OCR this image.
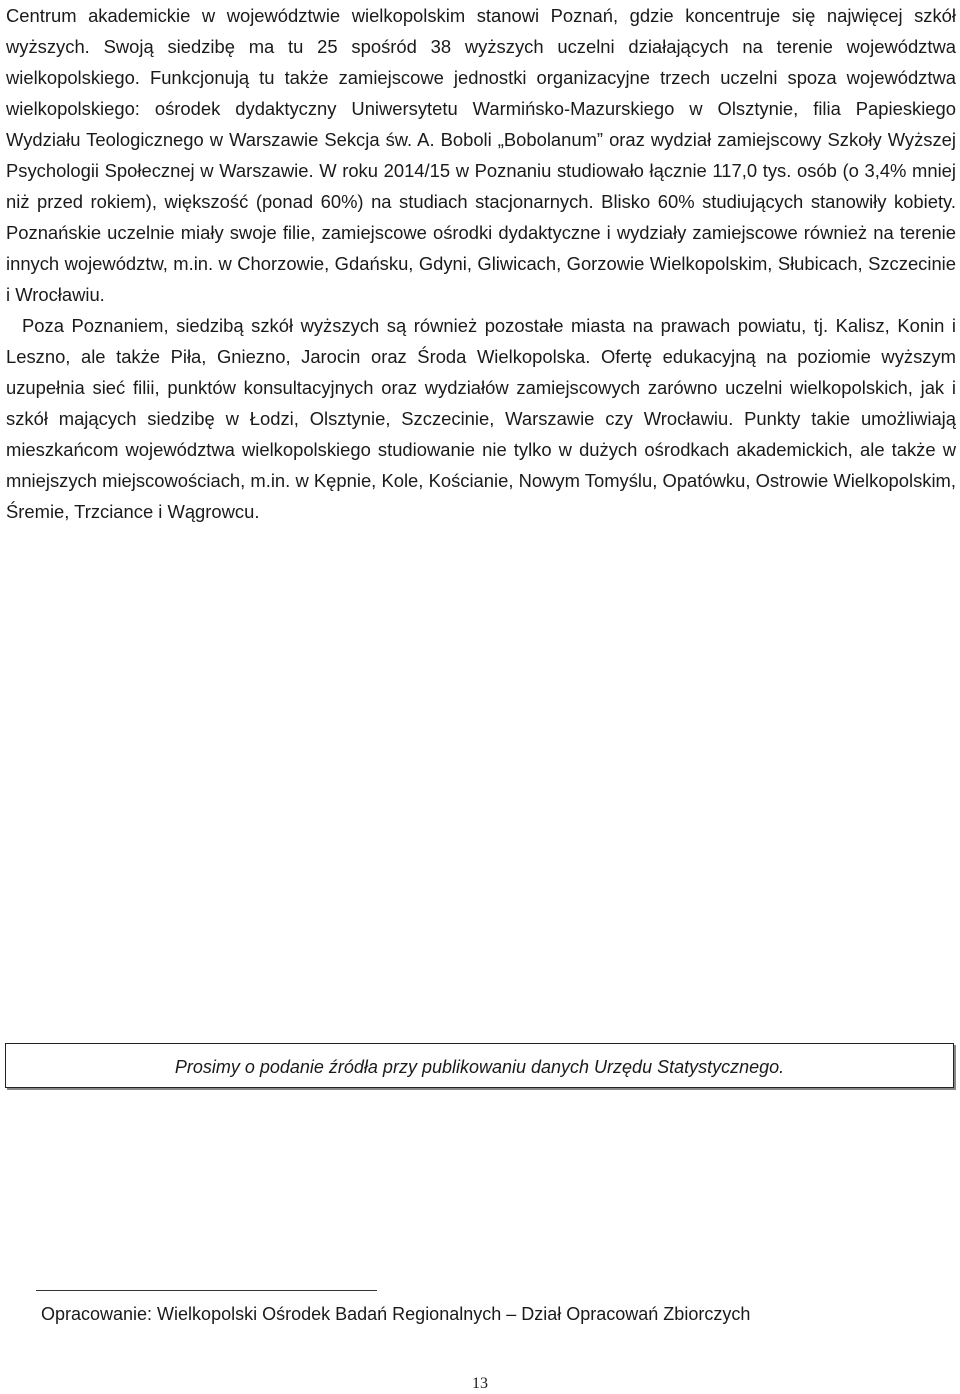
Centrum akademickie w województwie wielkopolskim stanowi Poznań, gdzie koncentruje się najwięcej szkół wyższych. Swoją siedzibę ma tu 25 spośród 38 wyższych uczelni działających na terenie województwa wielkopolskiego. Funkcjonują tu także zamiejscowe jednostki organizacyjne trzech uczelni spoza województwa wielkopolskiego: ośrodek dydaktyczny Uniwersytetu Warmińsko-Mazurskiego w Olsztynie, filia Papieskiego Wydziału Teologicznego w Warszawie Sekcja św. A. Boboli „Bobolanum” oraz wydział zamiejscowy Szkoły Wyższej Psychologii Społecznej w Warszawie. W roku 2014/15 w Poznaniu studiowało łącznie 117,0 tys. osób (o 3,4% mniej niż przed rokiem), większość (ponad 60%) na studiach stacjonarnych. Blisko 60% studiujących stanowiły kobiety. Poznańskie uczelnie miały swoje filie, zamiejscowe ośrodki dydaktyczne i wydziały zamiejscowe również na terenie innych województw, m.in. w Chorzowie, Gdańsku, Gdyni, Gliwicach, Gorzowie Wielkopolskim, Słubicach, Szczecinie i Wrocławiu.

Poza Poznaniem, siedzibą szkół wyższych są również pozostałe miasta na prawach powiatu, tj. Kalisz, Konin i Leszno, ale także Piła, Gniezno, Jarocin oraz Środa Wielkopolska. Ofertę edukacyjną na poziomie wyższym uzupełnia sieć filii, punktów konsultacyjnych oraz wydziałów zamiejscowych zarówno uczelni wielkopolskich, jak i szkół mających siedzibę w Łodzi, Olsztynie, Szczecinie, Warszawie czy Wrocławiu. Punkty takie umożliwiają mieszkańcom województwa wielkopolskiego studiowanie nie tylko w dużych ośrodkach akademickich, ale także w mniejszych miejscowościach, m.in. w Kępnie, Kole, Kościanie, Nowym Tomyślu, Opatówku, Ostrowie Wielkopolskim, Śremie, Trzciance i Wągrowcu.

Prosimy o podanie źródła przy publikowaniu danych Urzędu Statystycznego.
Opracowanie: Wielkopolski Ośrodek Badań Regionalnych – Dział Opracowań Zbiorczych
13
